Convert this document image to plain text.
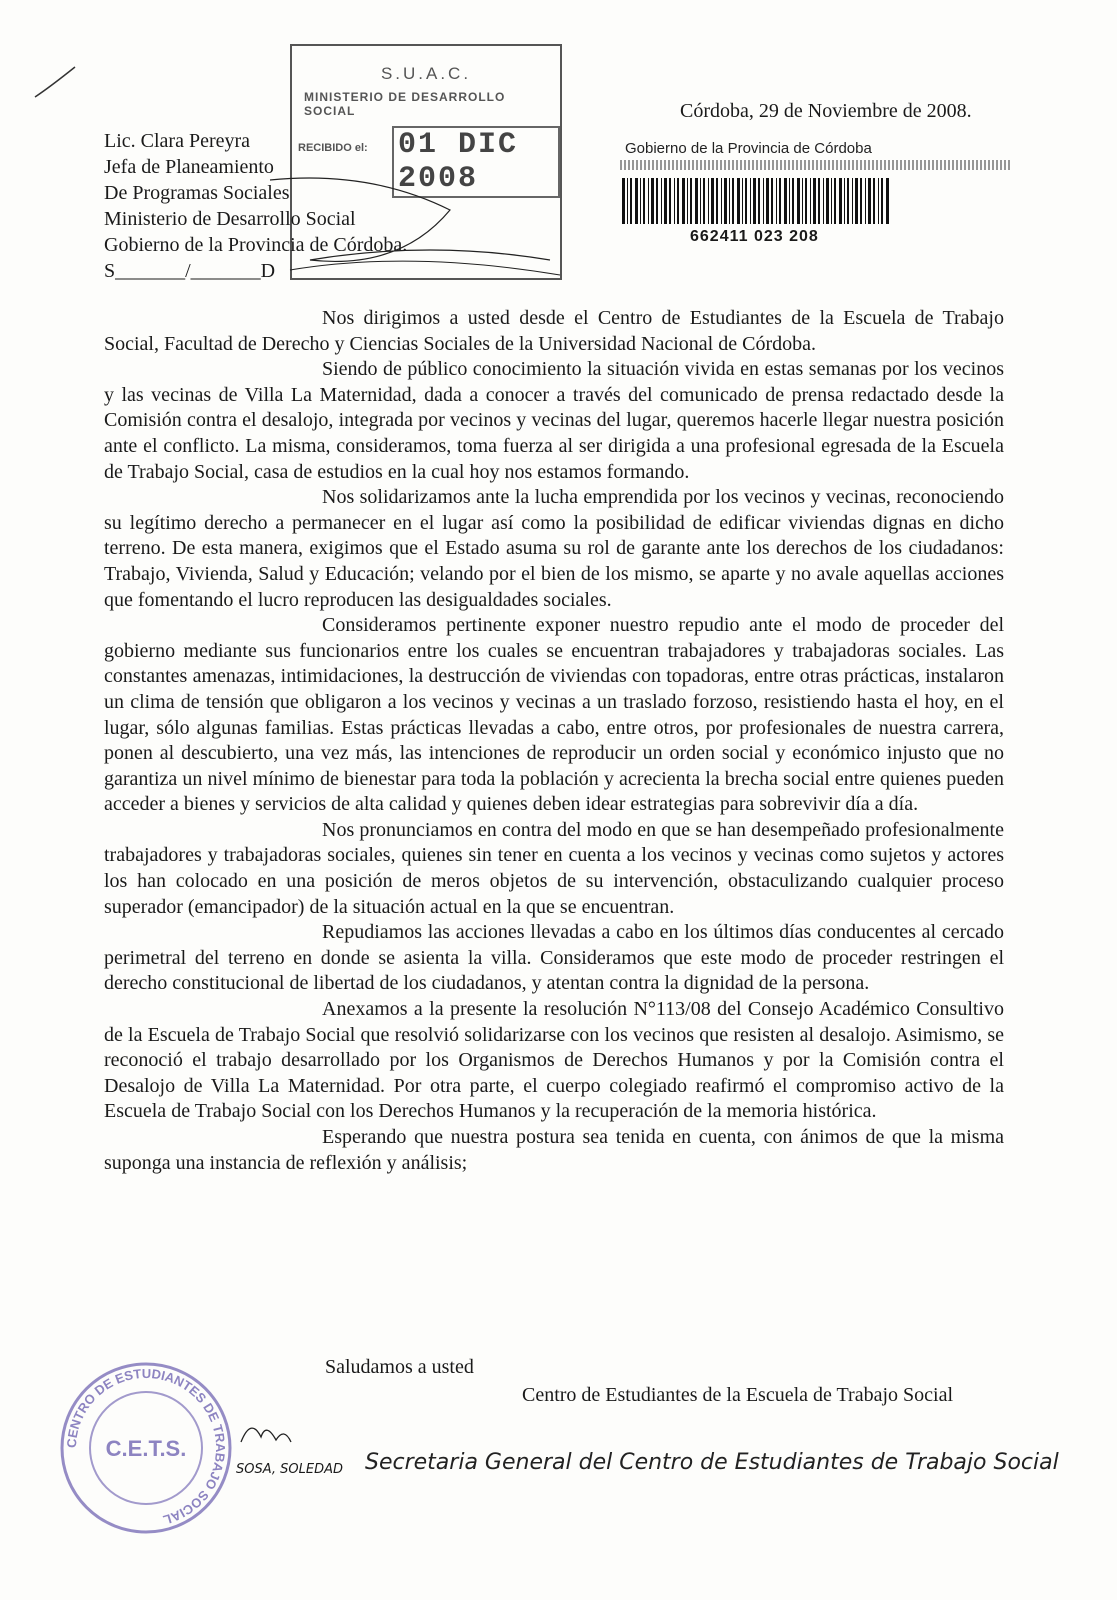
S.U.A.C.
MINISTERIO DE DESARROLLO SOCIAL
RECIBIDO el: 01 DIC 2008
Córdoba, 29 de Noviembre de 2008.
Gobierno de la Provincia de Córdoba
662411 023 208
Lic. Clara Pereyra
Jefa de Planeamiento
De Programas Sociales
Ministerio de Desarrollo Social
Gobierno de la Provincia de Córdoba.
S_______/_______D

Nos dirigimos a usted desde el Centro de Estudiantes de la Escuela de Trabajo Social, Facultad de Derecho y Ciencias Sociales de la Universidad Nacional de Córdoba.

Siendo de público conocimiento la situación vivida en estas semanas por los vecinos y las vecinas de Villa La Maternidad, dada a conocer a través del comunicado de prensa redactado desde la Comisión contra el desalojo, integrada por vecinos y vecinas del lugar, queremos hacerle llegar nuestra posición ante el conflicto. La misma, consideramos, toma fuerza al ser dirigida a una profesional egresada de la Escuela de Trabajo Social, casa de estudios en la cual hoy nos estamos formando.

Nos solidarizamos ante la lucha emprendida por los vecinos y vecinas, reconociendo su legítimo derecho a permanecer en el lugar así como la posibilidad de edificar viviendas dignas en dicho terreno. De esta manera, exigimos que el Estado asuma su rol de garante ante los derechos de los ciudadanos: Trabajo, Vivienda, Salud y Educación; velando por el bien de los mismo, se aparte y no avale aquellas acciones que fomentando el lucro reproducen las desigualdades sociales.

Consideramos pertinente exponer nuestro repudio ante el modo de proceder del gobierno mediante sus funcionarios entre los cuales se encuentran trabajadores y trabajadoras sociales. Las constantes amenazas, intimidaciones, la destrucción de viviendas con topadoras, entre otras prácticas, instalaron un clima de tensión que obligaron a los vecinos y vecinas a un traslado forzoso, resistiendo hasta el hoy, en el lugar, sólo algunas familias. Estas prácticas llevadas a cabo, entre otros, por profesionales de nuestra carrera, ponen al descubierto, una vez más, las intenciones de reproducir un orden social y económico injusto que no garantiza un nivel mínimo de bienestar para toda la población y acrecienta la brecha social entre quienes pueden acceder a bienes y servicios de alta calidad y quienes deben idear estrategias para sobrevivir día a día.

Nos pronunciamos en contra del modo en que se han desempeñado profesionalmente trabajadores y trabajadoras sociales, quienes sin tener en cuenta a los vecinos y vecinas como sujetos y actores los han colocado en una posición de meros objetos de su intervención, obstaculizando cualquier proceso superador (emancipador) de la situación actual en la que se encuentran.

Repudiamos las acciones llevadas a cabo en los últimos días conducentes al cercado perimetral del terreno en donde se asienta la villa. Consideramos que este modo de proceder restringen el derecho constitucional de libertad de los ciudadanos, y atentan contra la dignidad de la persona.

Anexamos a la presente la resolución N°113/08 del Consejo Académico Consultivo de la Escuela de Trabajo Social que resolvió solidarizarse con los vecinos que resisten al desalojo. Asimismo, se reconoció el trabajo desarrollado por los Organismos de Derechos Humanos y por la Comisión contra el Desalojo de Villa La Maternidad. Por otra parte, el cuerpo colegiado reafirmó el compromiso activo de la Escuela de Trabajo Social con los Derechos Humanos y la recuperación de la memoria histórica.

Esperando que nuestra postura sea tenida en cuenta, con ánimos de que la misma suponga una instancia de reflexión y análisis;

Saludamos a usted
Centro de Estudiantes de la Escuela de Trabajo Social
CENTRO DE ESTUDIANTES DE TRABAJO SOCIAL
C.E.T.S.
SOSA, SOLEDAD Secretaria General del Centro de Estudiantes de Trabajo Social
